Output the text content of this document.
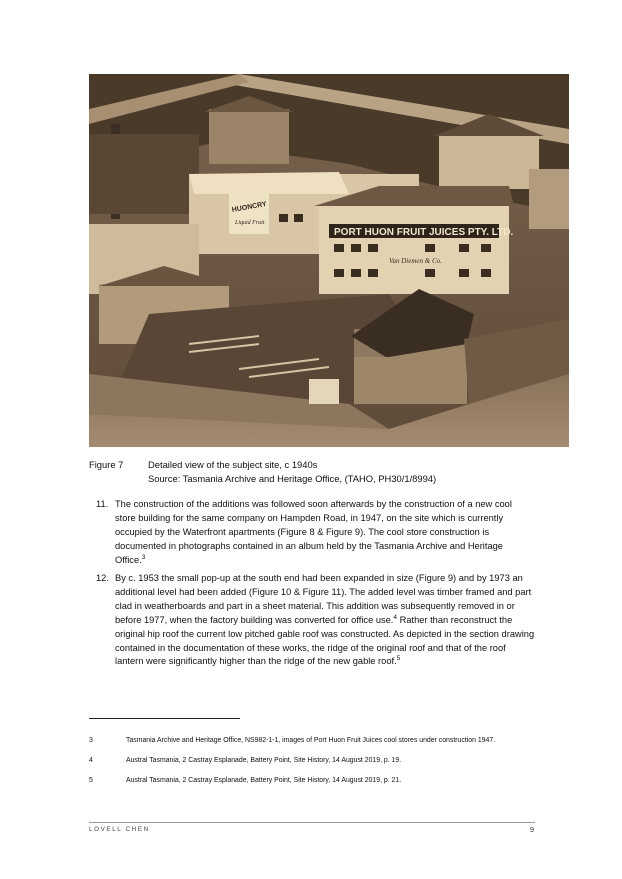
PORT HUON FRUIT JUICES PTY. LTD.
Van Diemen & Co.
HUONCRY
Liquid Fruit
Figure 7	Detailed view of the subject site, c 1940s
Source: Tasmania Archive and Heritage Office, (TAHO, PH30/1/8994)
11. The construction of the additions was followed soon afterwards by the construction of a new cool store building for the same company on Hampden Road, in 1947, on the site which is currently occupied by the Waterfront apartments (Figure 8 & Figure 9). The cool store construction is documented in photographs contained in an album held by the Tasmania Archive and Heritage Office.$^3$
12. By c. 1953 the small pop-up at the south end had been expanded in size (Figure 9) and by 1973 an additional level had been added (Figure 10 & Figure 11). The added level was timber framed and part clad in weatherboards and part in a sheet material. This addition was subsequently removed in or before 1977, when the factory building was converted for office use.$^4$ Rather than reconstruct the original hip roof the current low pitched gable roof was constructed. As depicted in the section drawing contained in the documentation of these works, the ridge of the original roof and that of the roof lantern were significantly higher than the ridge of the new gable roof.$^5$
3	Tasmania Archive and Heritage Office, NS982-1-1, images of Port Huon Fruit Juices cool stores under construction 1947.
4	Austral Tasmania, 2 Castray Esplanade, Battery Point, Site History, 14 August 2019, p. 19.
5	Austral Tasmania, 2 Castray Esplanade, Battery Point, Site History, 14 August 2019, p. 21.
LOVELL CHEN	9
